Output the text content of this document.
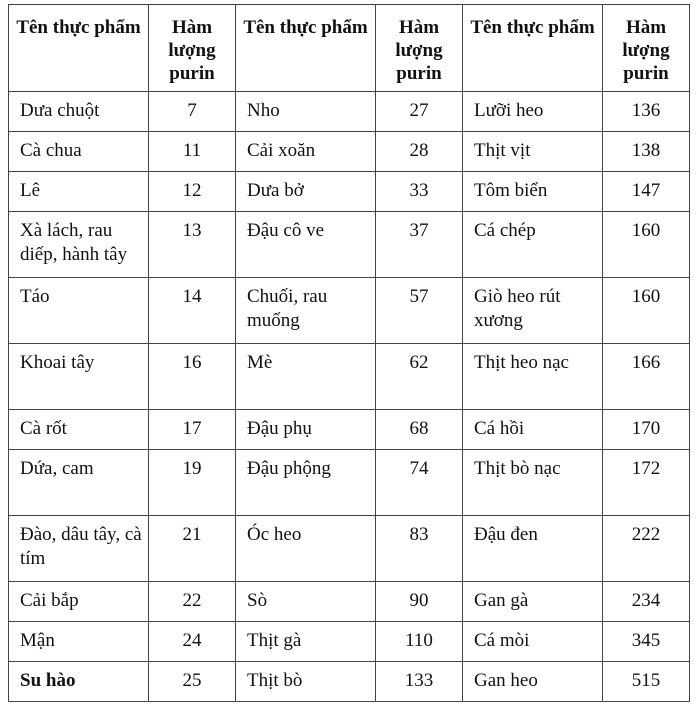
Tên thực phẩm	Hàm lượng purin	Tên thực phẩm	Hàm lượng purin	Tên thực phẩm	Hàm lượng purin
Dưa chuột	7	Nho	27	Lưỡi heo	136
Cà chua	11	Cải xoăn	28	Thịt vịt	138
Lê	12	Dưa bở	33	Tôm biển	147
Xà lách, rau diếp, hành tây	13	Đậu cô ve	37	Cá chép	160
Táo	14	Chuối, rau muống	57	Giò heo rút xương	160
Khoai tây	16	Mè	62	Thịt heo nạc	166
Cà rốt	17	Đậu phụ	68	Cá hồi	170
Dứa, cam	19	Đậu phộng	74	Thịt bò nạc	172
Đào, dâu tây, cà tím	21	Óc heo	83	Đậu đen	222
Cải bắp	22	Sò	90	Gan gà	234
Mận	24	Thịt gà	110	Cá mòi	345
Su hào	25	Thịt bò	133	Gan heo	515
